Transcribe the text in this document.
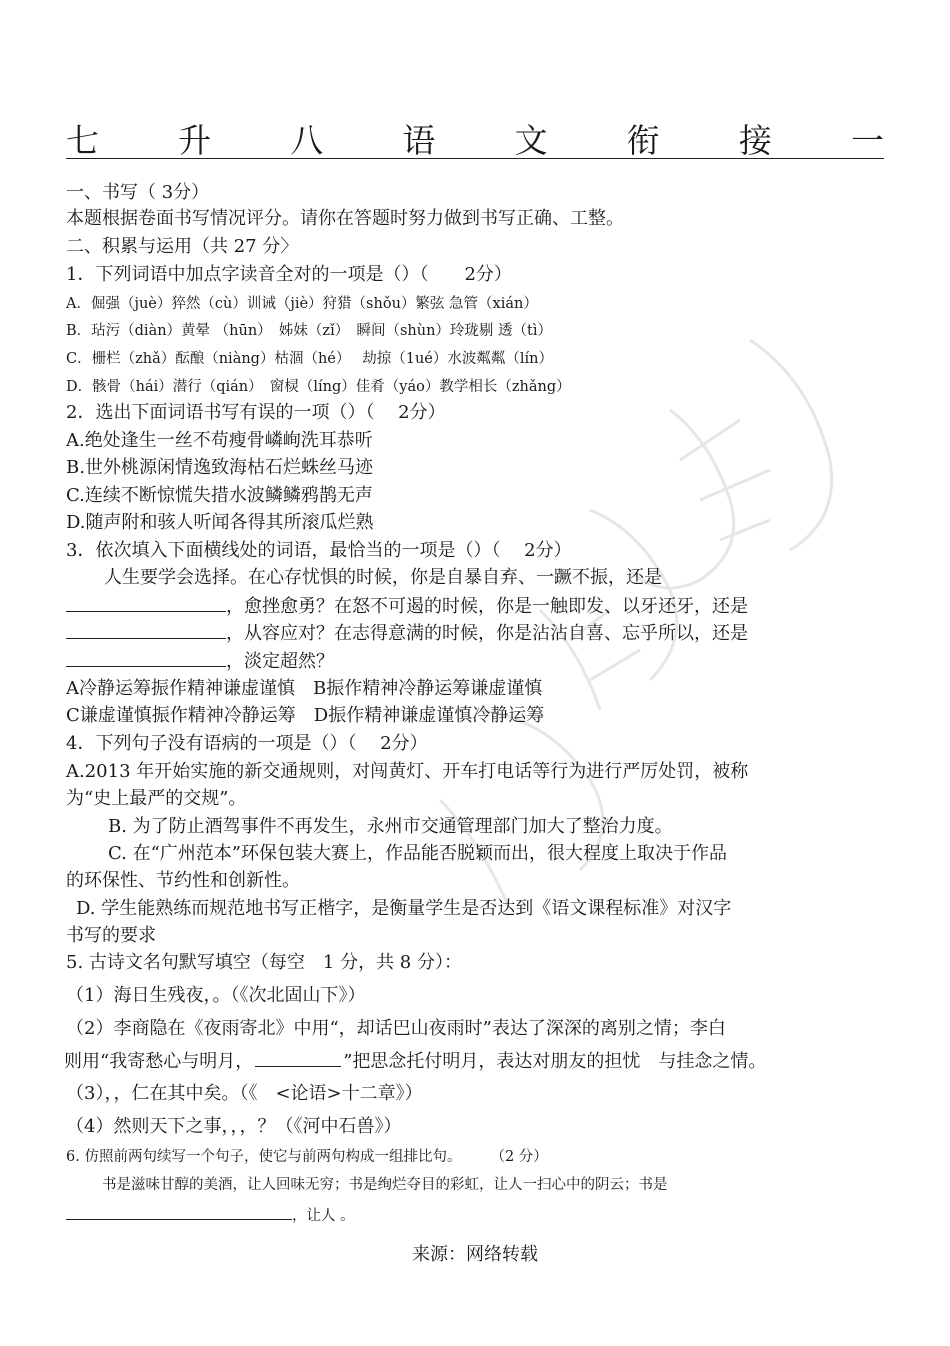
七 升 八 语 文 衔 接 一
一、书写（ 3分）
本题根据卷面书写情况评分。请你在答题时努力做到书写正确、工整。
二、积累与运用（共 27 分〉
1．下列词语中加点字读音全对的一项是（）（　　2分）
A．倔强（juè）猝然（cù）训诫（jiè）狩猎（shǒu）繁弦 急管（xián）
B．玷污（diàn）黄晕 （hūn）　姊妹（zǐ）　瞬间（shùn）玲珑剔 透（tì）
C．栅栏（zhǎ）酝酿（niàng）枯涸（hé）　 劫掠（1ué）水波粼粼（lín）
D．骸骨（hái）潜行（qián）　窗棂（líng）佳肴（yáo）教学相长（zhǎng）
2．选出下面词语书写有误的一项（）（　 2分）
A.绝处逢生一丝不苟瘦骨嶙峋洗耳恭听
B.世外桃源闲情逸致海枯石烂蛛丝马迹
C.连续不断惊慌失措水波鳞鳞鸦鹊无声
D.随声附和骇人听闻各得其所滚瓜烂熟
3．依次填入下面横线处的词语，最恰当的一项是（）（　 2分）
人生要学会选择。在心存忧惧的时候，你是自暴自弃、一蹶不振，还是
，愈挫愈勇？在怒不可遏的时候，你是一触即发、以牙还牙，还是
，从容应对？在志得意满的时候，你是沾沾自喜、忘乎所以，还是
，淡定超然？
A冷静运筹振作精神谦虚谨慎　B振作精神冷静运筹谦虚谨慎
C谦虚谨慎振作精神冷静运筹　D振作精神谦虚谨慎冷静运筹
4．下列句子没有语病的一项是（）（　 2分）
A.2013 年开始实施的新交通规则，对闯黄灯、开车打电话等行为进行严厉处罚，被称
为“史上最严的交规”。
B. 为了防止酒驾事件不再发生，永州市交通管理部门加大了整治力度。
C. 在“广州范本”环保包装大赛上，作品能否脱颖而出，很大程度上取决于作品
的环保性、节约性和创新性。
D. 学生能熟练而规范地书写正楷字，是衡量学生是否达到《语文课程标准》对汉字
书写的要求
5. 古诗文名句默写填空（每空　1 分，共 8 分）：
（1）海日生残夜，。（《次北固山下》）
（2）李商隐在《夜雨寄北》中用“，却话巴山夜雨时”表达了深深的离别之情；李白
则用“我寄愁心与明月，	”把思念托付明月，表达对朋友的担忧　与挂念之情。
（3），，仁在其中矣。（《　<论语>十二章》）
（4）然则天下之事，，，？（《河中石兽》）
6. 仿照前两句续写一个句子，使它与前两句构成一组排比句。　　　（2 分）
书是滋味甘醇的美酒，让人回味无穷；书是绚烂夺目的彩虹，让人一扫心中的阴云；书是
，让人 。
来源：网络转载
